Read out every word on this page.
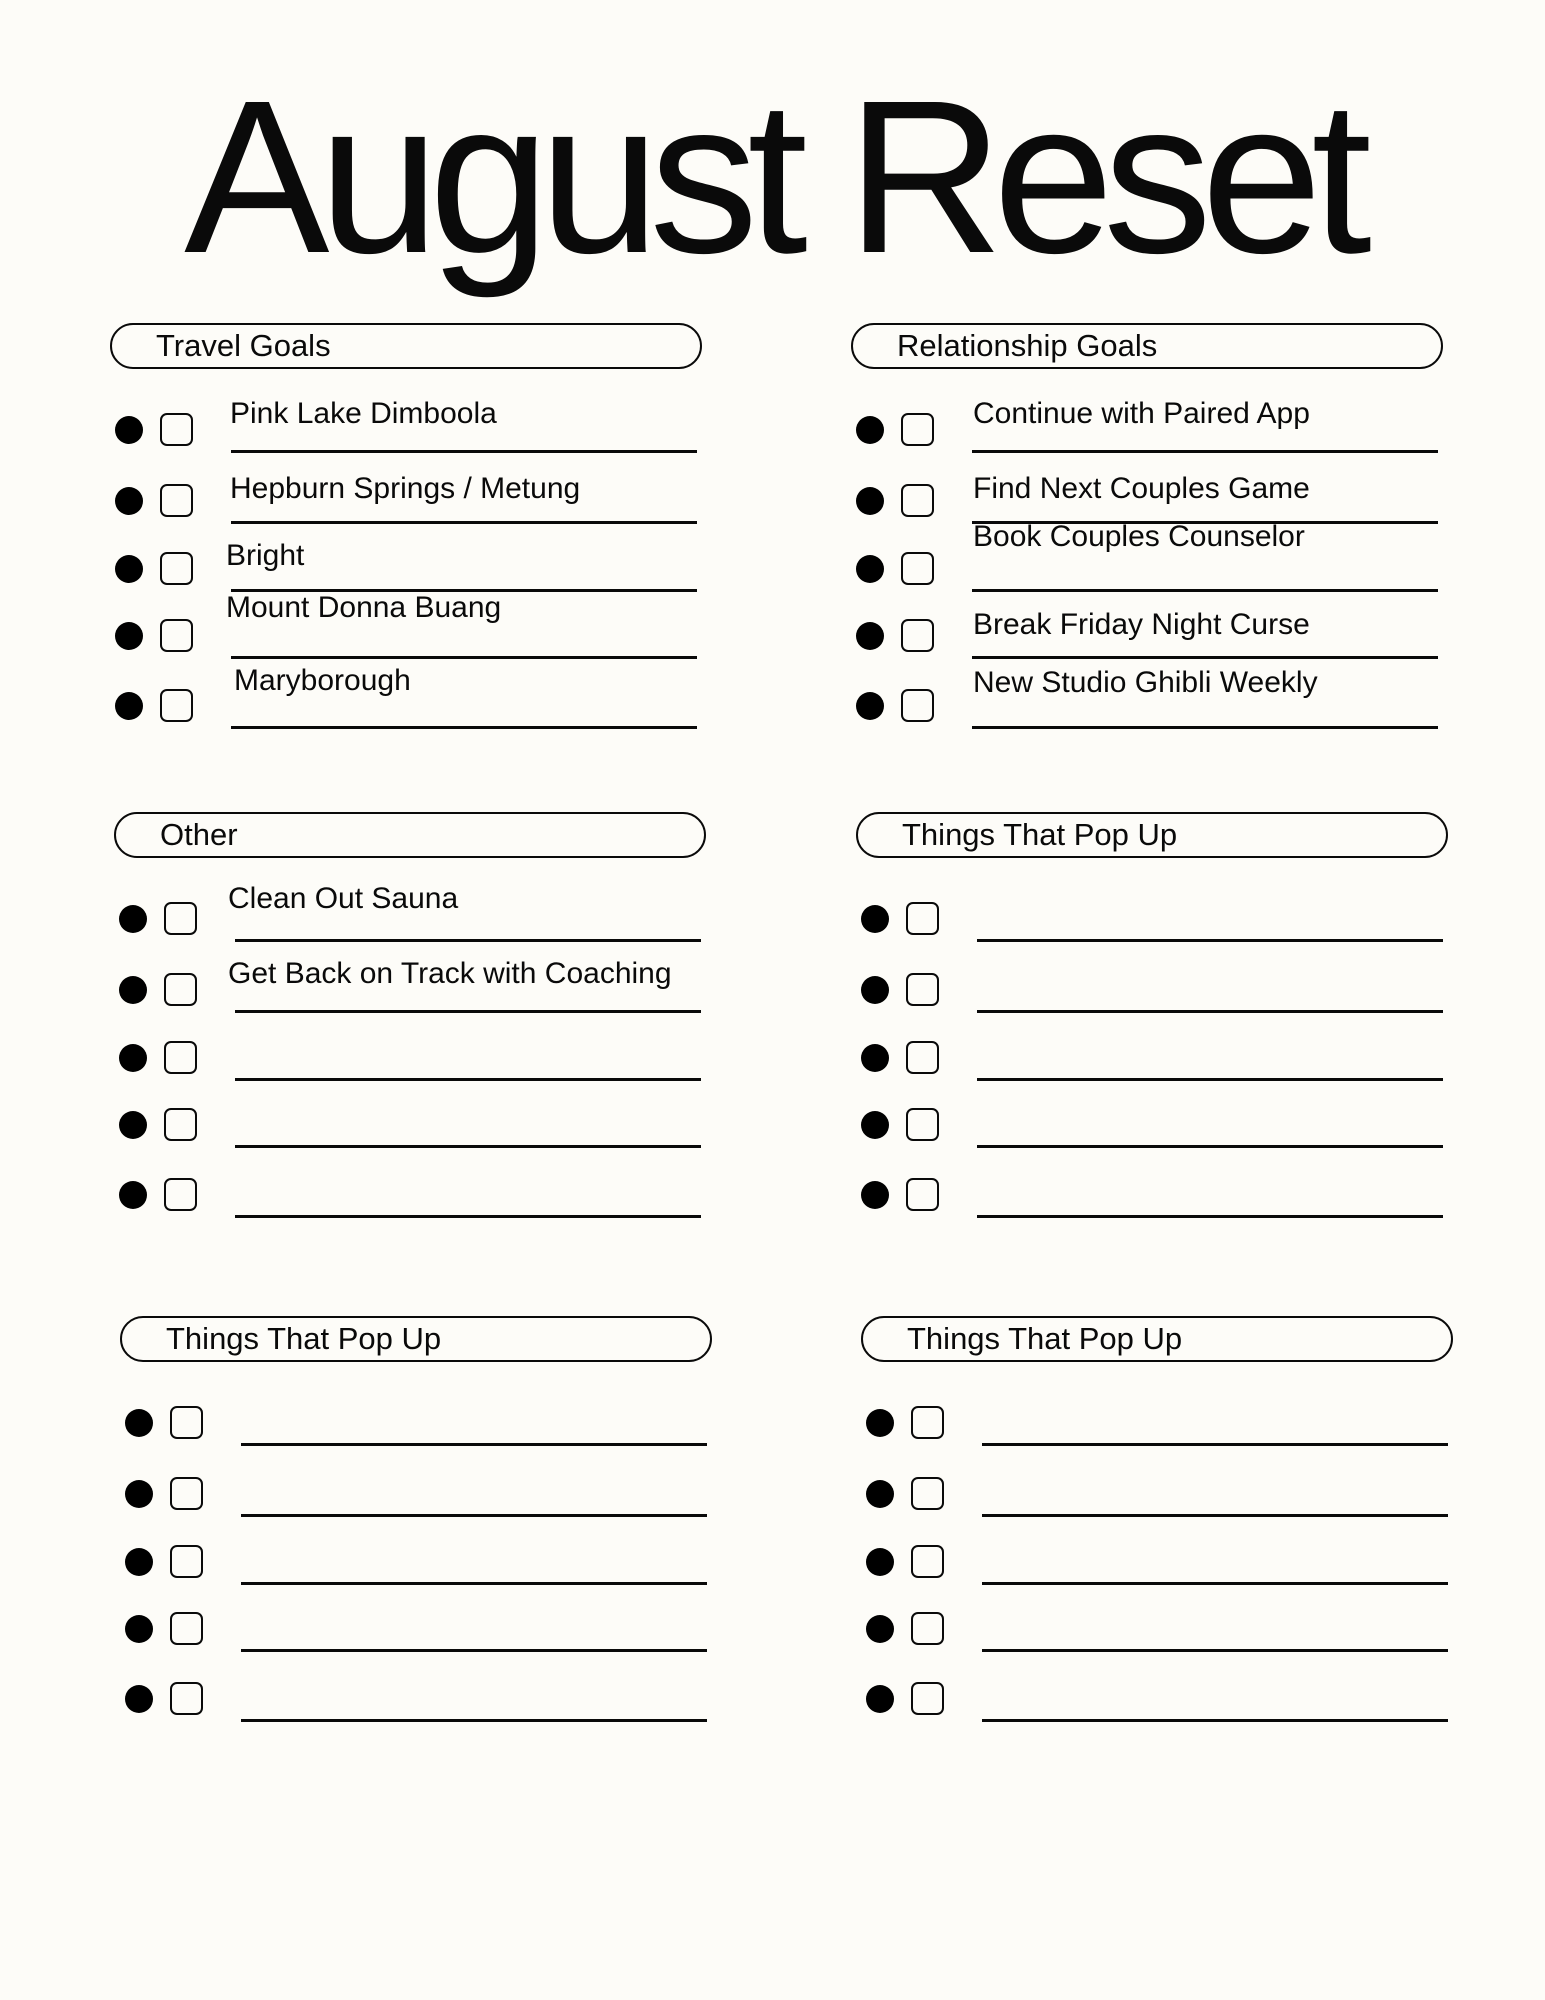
August Reset
Travel Goals
Pink Lake Dimboola
Hepburn Springs / Metung
Bright
Mount Donna Buang
Maryborough
Relationship Goals
Continue with Paired App
Find Next Couples Game
Book Couples Counselor
Break Friday Night Curse
New Studio Ghibli Weekly
Other
Clean Out Sauna
Get Back on Track with Coaching
Things That Pop Up
Things That Pop Up	Things That Pop Up
